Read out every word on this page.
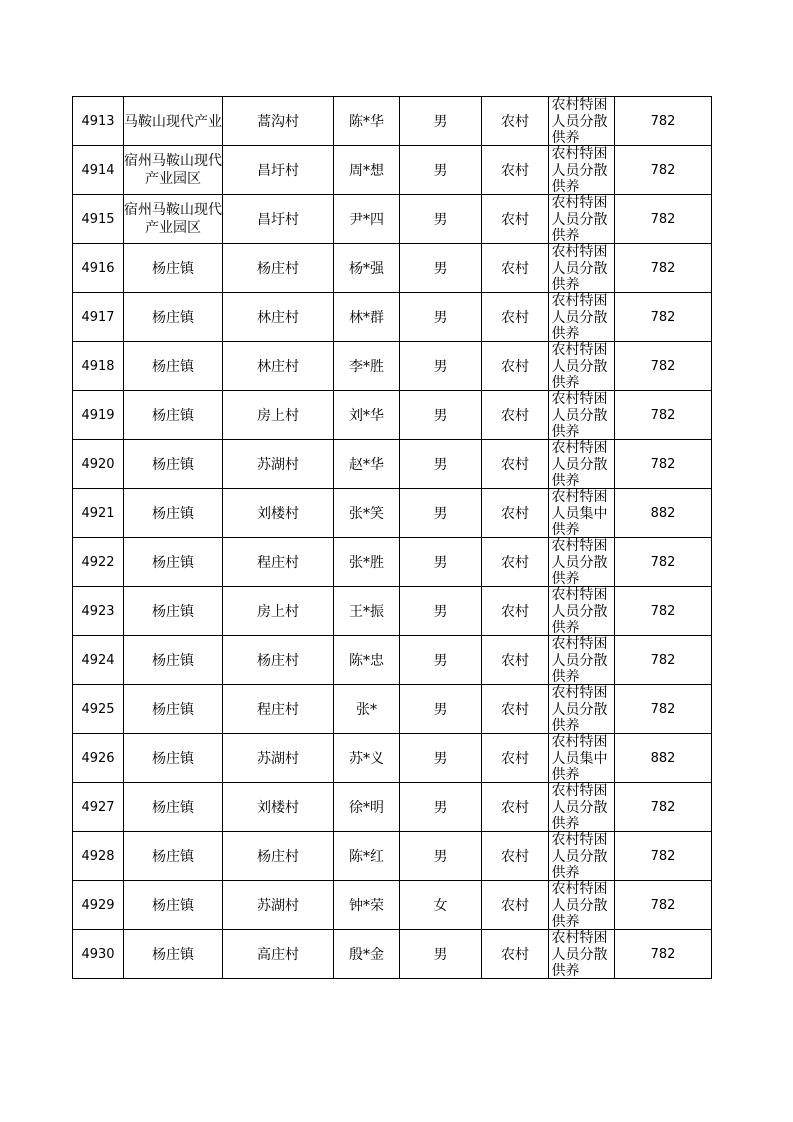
4913	马鞍山现代产业	蒿沟村	陈*华	男	农村	农村特困人员分散供养	782
4914	宿州马鞍山现代产业园区	昌圩村	周*想	男	农村	农村特困人员分散供养	782
4915	宿州马鞍山现代产业园区	昌圩村	尹*四	男	农村	农村特困人员分散供养	782
4916	杨庄镇	杨庄村	杨*强	男	农村	农村特困人员分散供养	782
4917	杨庄镇	林庄村	林*群	男	农村	农村特困人员分散供养	782
4918	杨庄镇	林庄村	李*胜	男	农村	农村特困人员分散供养	782
4919	杨庄镇	房上村	刘*华	男	农村	农村特困人员分散供养	782
4920	杨庄镇	苏湖村	赵*华	男	农村	农村特困人员分散供养	782
4921	杨庄镇	刘楼村	张*笑	男	农村	农村特困人员集中供养	882
4922	杨庄镇	程庄村	张*胜	男	农村	农村特困人员分散供养	782
4923	杨庄镇	房上村	王*振	男	农村	农村特困人员分散供养	782
4924	杨庄镇	杨庄村	陈*忠	男	农村	农村特困人员分散供养	782
4925	杨庄镇	程庄村	张*	男	农村	农村特困人员分散供养	782
4926	杨庄镇	苏湖村	苏*义	男	农村	农村特困人员集中供养	882
4927	杨庄镇	刘楼村	徐*明	男	农村	农村特困人员分散供养	782
4928	杨庄镇	杨庄村	陈*红	男	农村	农村特困人员分散供养	782
4929	杨庄镇	苏湖村	钟*荣	女	农村	农村特困人员分散供养	782
4930	杨庄镇	高庄村	殷*金	男	农村	农村特困人员分散供养	782
